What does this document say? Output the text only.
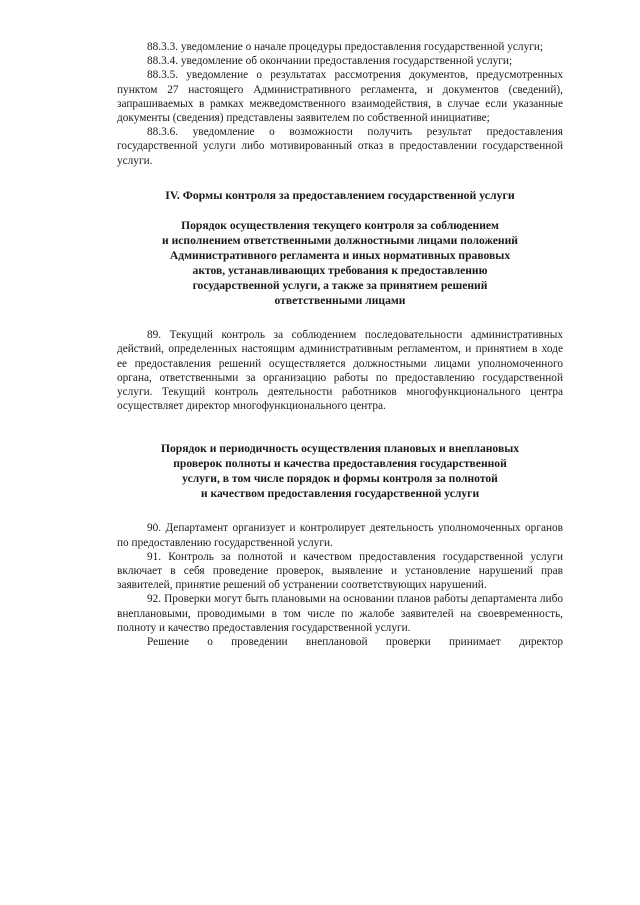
88.3.3. уведомление о начале процедуры предоставления государственной услуги;

88.3.4. уведомление об окончании предоставления государственной услуги;

88.3.5. уведомление о результатах рассмотрения документов, предусмотренных пунктом 27 настоящего Административного регламента, и документов (сведений), запрашиваемых в рамках межведомственного взаимодействия, в случае если указанные документы (сведения) представлены заявителем по собственной инициативе;

88.3.6. уведомление о возможности получить результат предоставления государственной услуги либо мотивированный отказ в предоставлении государственной услуги.

IV. Формы контроля за предоставлением государственной услуги
Порядок осуществления текущего контроля за соблюдением
и исполнением ответственными должностными лицами положений
Административного регламента и иных нормативных правовых
актов, устанавливающих требования к предоставлению
государственной услуги, а также за принятием решений
ответственными лицами

89. Текущий контроль за соблюдением последовательности административных действий, определенных настоящим административным регламентом, и принятием в ходе ее предоставления решений осуществляется должностными лицами уполномоченного органа, ответственными за организацию работы по предоставлению государственной услуги. Текущий контроль деятельности работников многофункционального центра осуществляет директор многофункционального центра.

Порядок и периодичность осуществления плановых и внеплановых
проверок полноты и качества предоставления государственной
услуги, в том числе порядок и формы контроля за полнотой
и качеством предоставления государственной услуги

90. Департамент организует и контролирует деятельность уполномоченных органов по предоставлению государственной услуги.

91. Контроль за полнотой и качеством предоставления государственной услуги включает в себя проведение проверок, выявление и установление нарушений прав заявителей, принятие решений об устранении соответствующих нарушений.

92. Проверки могут быть плановыми на основании планов работы департамента либо внеплановыми, проводимыми в том числе по жалобе заявителей на своевременность, полноту и качество предоставления государственной услуги.

Решение о проведении внеплановой проверки принимает директор
